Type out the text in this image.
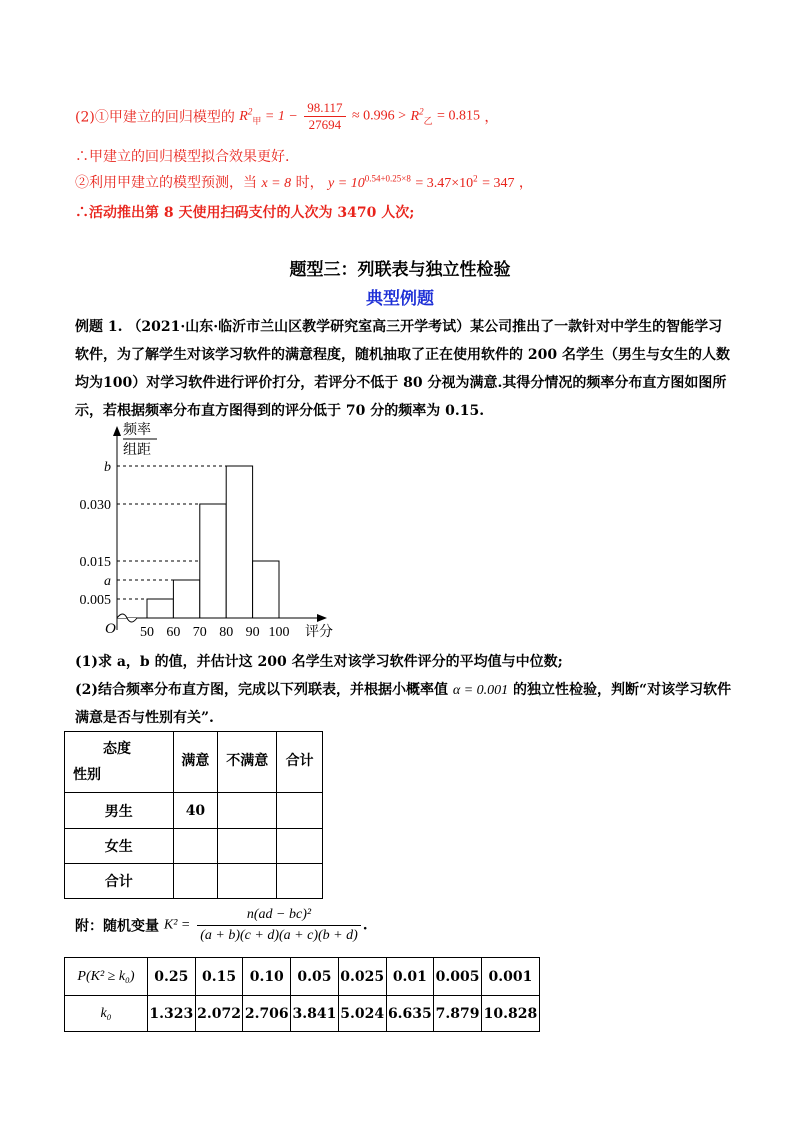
(2)①甲建立的回归模型的 $R^2_甲 = 1 - \frac{98.117}{27694} \approx 0.996 > R^2_乙 = 0.815$ ，
∴甲建立的回归模型拟合效果更好.
②利用甲建立的模型预测，当 x = 8 时， $y = 10^{0.54+0.25\times 8} = 3.47\times 10^2 = 347$ ，
∴活动推出第 8 天使用扫码支付的人次为 3470 人次;
题型三：列联表与独立性检验
典型例题
例题 1. （2021·山东·临沂市兰山区教学研究室高三开学考试）某公司推出了一款针对中学生的智能学习软件，为了解学生对该学习软件的满意程度，随机抽取了正在使用软件的 200 名学生（男生与女生的人数均为100）对学习软件进行评价打分，若评分不低于 80 分视为满意.其得分情况的频率分布直方图如图所示，若根据频率分布直方图得到的评分低于 70 分的频率为 0.15.
频率
组距
O	评分
0.005
a
0.015
0.030
b
50 60 70 80 90 100
(1)求 a，b 的值，并估计这 200 名学生对该学习软件评分的平均值与中位数;
(2)结合频率分布直方图，完成以下列联表，并根据小概率值 α = 0.001 的独立性检验，判断“对该学习软件
满意是否与性别有关”.
态度
性别	满意	不满意	合计
男生	40		
女生			
合计			
附：随机变量 $K^2 = \frac{\text{n(ad − bc)²}}{(a + b)(c + d)(a + c)(b + d)}$ .
P(K² ≥ k₀)	0.25	0.15	0.10	0.05	0.025	0.01	0.005	0.001
k₀	1.323	2.072	2.706	3.841	5.024	6.635	7.879	10.828
